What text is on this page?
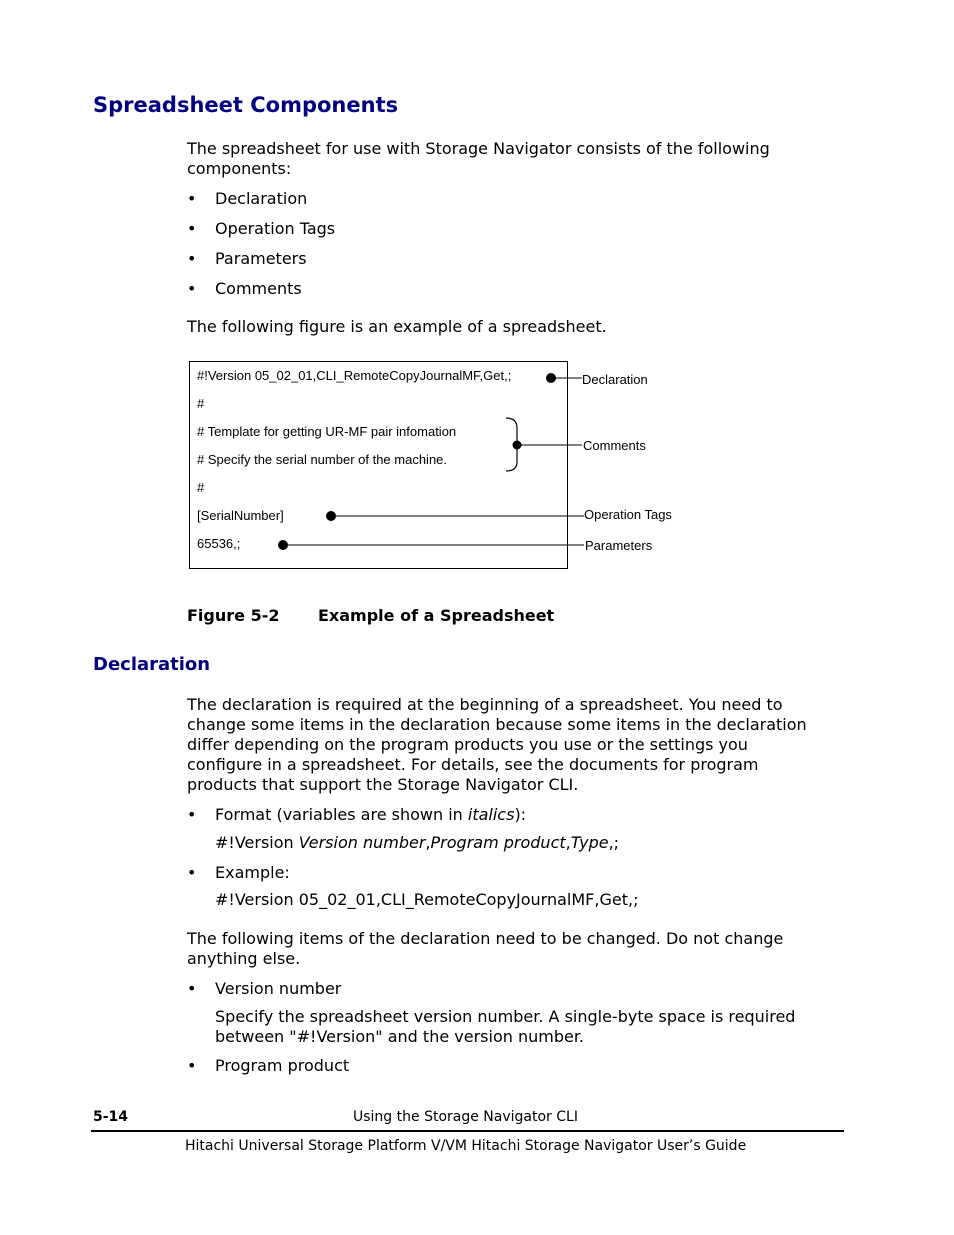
Spreadsheet Components

The spreadsheet for use with Storage Navigator consists of the following components:

• Declaration
• Operation Tags
• Parameters
• Comments

The following figure is an example of a spreadsheet.

#!Version 05_02_01,CLI_RemoteCopyJournalMF,Get,;
#
# Template for getting UR-MF pair infomation
# Specify the serial number of the machine.
#
[SerialNumber]
65536,;
Declaration
Comments
Operation Tags
Parameters
Figure 5-2 Example of a Spreadsheet
Declaration

The declaration is required at the beginning of a spreadsheet. You need to change some items in the declaration because some items in the declaration differ depending on the program products you use or the settings you configure in a spreadsheet. For details, see the documents for program products that support the Storage Navigator CLI.

• Format (variables are shown in italics):
#!Version Version number,Program product,Type,;
• Example:
#!Version 05_02_01,CLI_RemoteCopyJournalMF,Get,;

The following items of the declaration need to be changed. Do not change anything else.

• Version number
Specify the spreadsheet version number. A single-byte space is required between "#!Version" and the version number.
• Program product
5-14	Using the Storage Navigator CLI
Hitachi Universal Storage Platform V/VM Hitachi Storage Navigator User’s Guide
